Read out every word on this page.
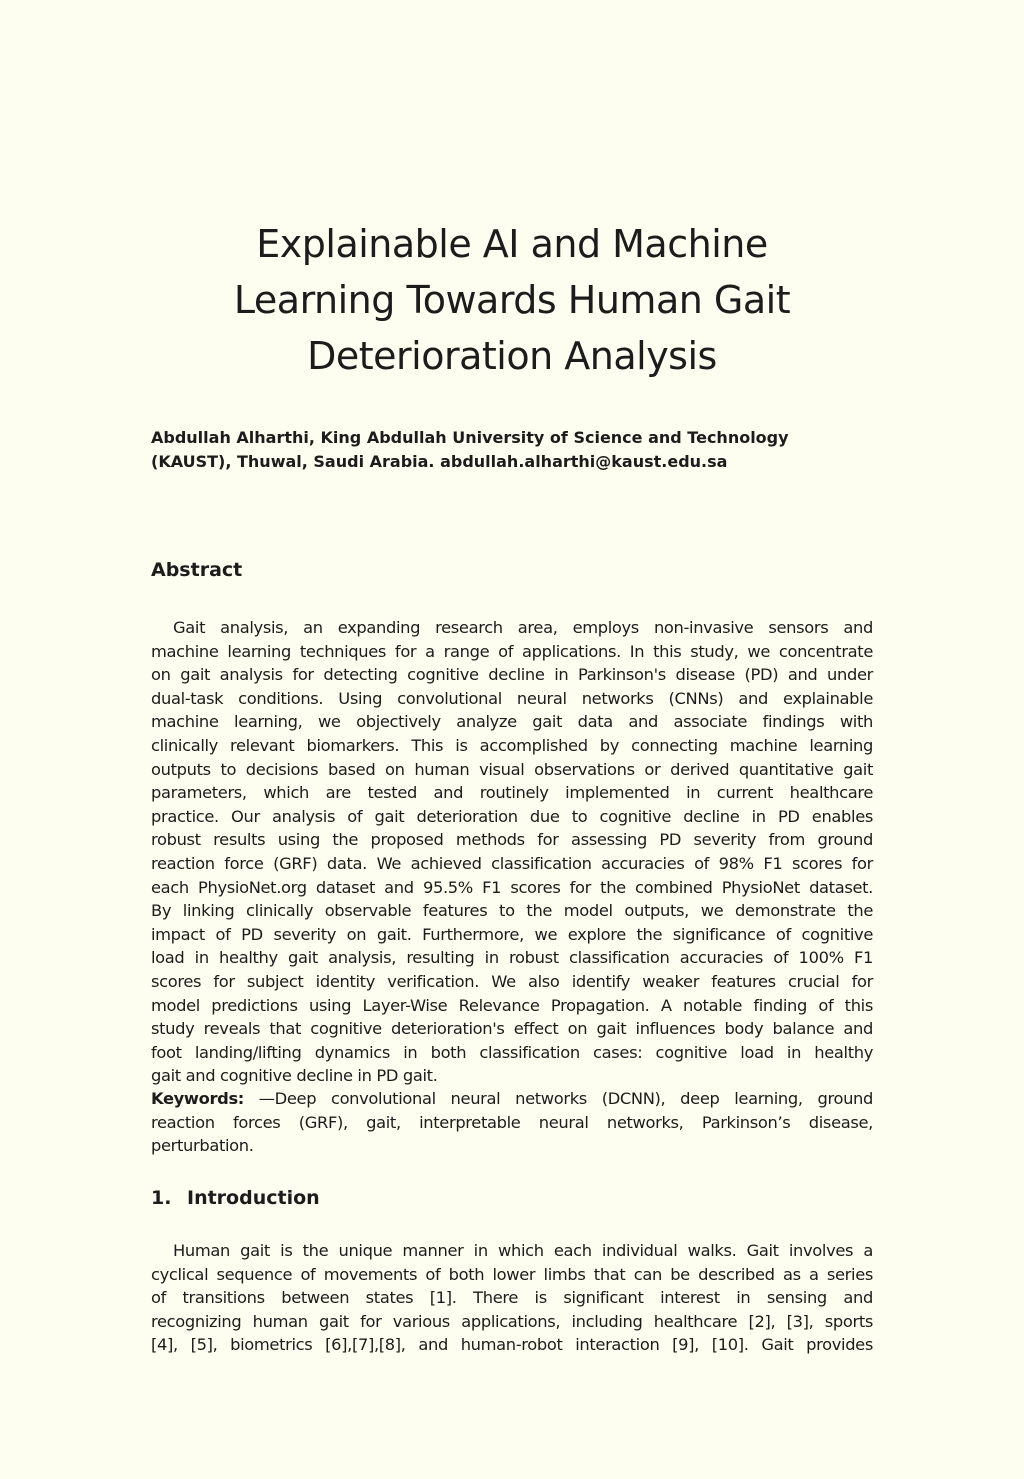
Explainable AI and Machine
Learning Towards Human Gait
Deterioration Analysis
Abdullah Alharthi, King Abdullah University of Science and Technology
(KAUST), Thuwal, Saudi Arabia. abdullah.alharthi@kaust.edu.sa
Abstract
Gait analysis, an expanding research area, employs non-invasive sensors and
machine learning techniques for a range of applications. In this study, we concentrate
on gait analysis for detecting cognitive decline in Parkinson's disease (PD) and under
dual-task conditions. Using convolutional neural networks (CNNs) and explainable
machine learning, we objectively analyze gait data and associate findings with
clinically relevant biomarkers. This is accomplished by connecting machine learning
outputs to decisions based on human visual observations or derived quantitative gait
parameters, which are tested and routinely implemented in current healthcare
practice. Our analysis of gait deterioration due to cognitive decline in PD enables
robust results using the proposed methods for assessing PD severity from ground
reaction force (GRF) data. We achieved classification accuracies of 98% F1 scores for
each PhysioNet.org dataset and 95.5% F1 scores for the combined PhysioNet dataset.
By linking clinically observable features to the model outputs, we demonstrate the
impact of PD severity on gait. Furthermore, we explore the significance of cognitive
load in healthy gait analysis, resulting in robust classification accuracies of 100% F1
scores for subject identity verification. We also identify weaker features crucial for
model predictions using Layer-Wise Relevance Propagation. A notable finding of this
study reveals that cognitive deterioration's effect on gait influences body balance and
foot landing/lifting dynamics in both classification cases: cognitive load in healthy
gait and cognitive decline in PD gait.
Keywords: —Deep convolutional neural networks (DCNN), deep learning, ground
reaction forces (GRF), gait, interpretable neural networks, Parkinson’s disease,
perturbation.
1. Introduction
Human gait is the unique manner in which each individual walks. Gait involves a
cyclical sequence of movements of both lower limbs that can be described as a series
of transitions between states [1]. There is significant interest in sensing and
recognizing human gait for various applications, including healthcare [2], [3], sports
[4], [5], biometrics [6],[7],[8], and human-robot interaction [9], [10]. Gait provides
